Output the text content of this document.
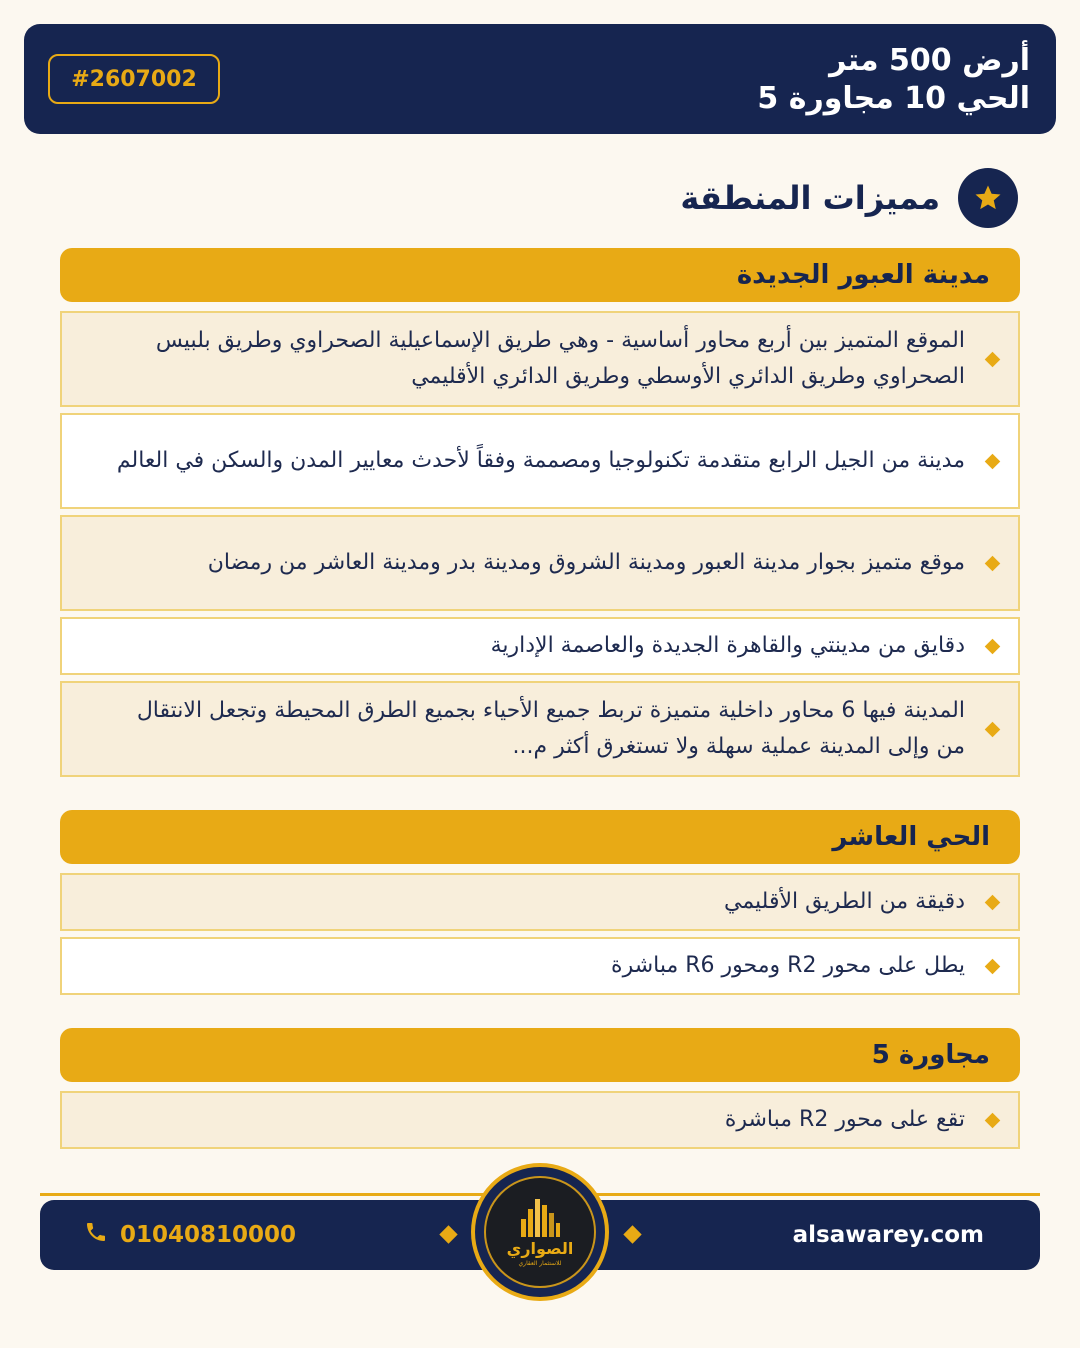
أرض 500 متر
الحي 10 مجاورة 5
#2607002
مميزات المنطقة
مدينة العبور الجديدة
الموقع المتميز بين أربع محاور أساسية - وهي طريق الإسماعيلية الصحراوي وطريق بلبيس الصحراوي وطريق الدائري الأوسطي وطريق الدائري الأقليمي
مدينة من الجيل الرابع متقدمة تكنولوجيا ومصممة وفقاً لأحدث معايير المدن والسكن في العالم
موقع متميز بجوار مدينة العبور ومدينة الشروق ومدينة بدر ومدينة العاشر من رمضان
دقايق من مدينتي والقاهرة الجديدة والعاصمة الإدارية
المدينة فيها 6 محاور داخلية متميزة تربط جميع الأحياء بجميع الطرق المحيطة وتجعل الانتقال من وإلى المدينة عملية سهلة ولا تستغرق أكثر م...
الحي العاشر
دقيقة من الطريق الأقليمي
يطل على محور R2 ومحور R6 مباشرة
مجاورة 5
تقع على محور R2 مباشرة
01040810000	alsawarey.com
الصواري
للاستثمار العقاري
